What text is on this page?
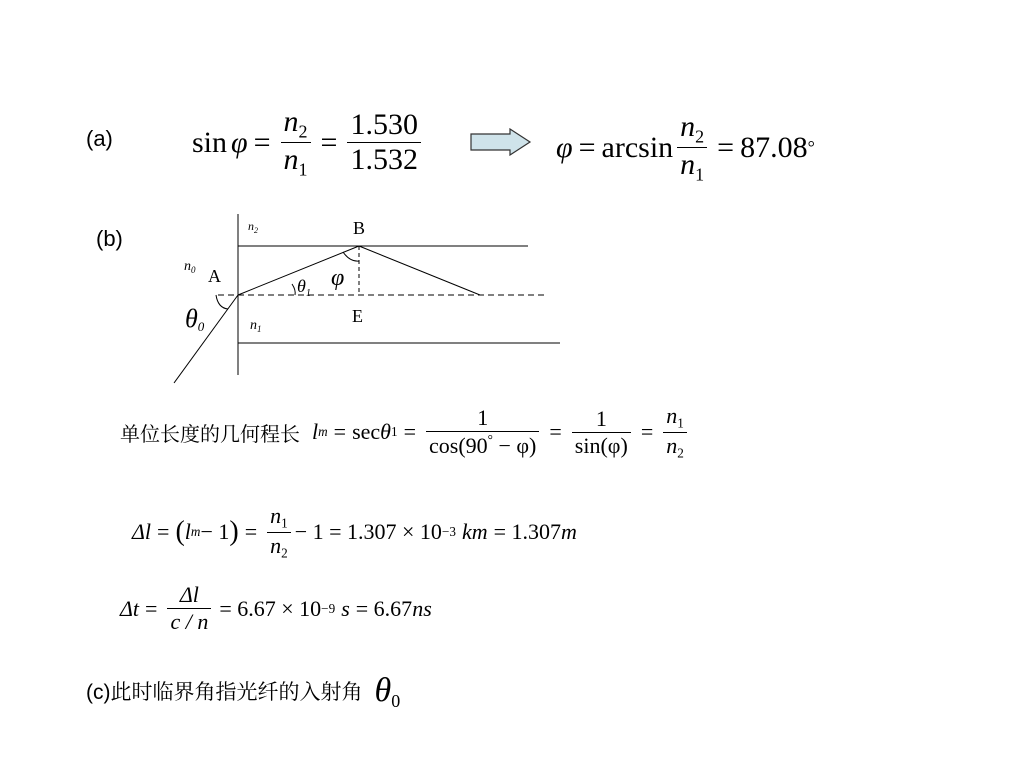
(a)	$\sin \varphi = \frac{n_2}{n_1} = \frac{1.530}{1.532}$	$\varphi = \arcsin \frac{n_2}{n_1} = 87.08$ °
(b)	$n_2$	B
$n_0$ A	φ
$\theta_1$
θ0	$n_1$
E
单位长度的几何程长 l m = sec θ $1 = \frac{1}{\cos(90^\circ - \varphi)} = \frac{1}{\sin(\varphi)} = \frac{n_1}{n_2}$
Δl = ( l m − 1 ) = $\frac{n_1}{n_2} - 1 = 1.307 \times 10 -3$ km = 1.307 m
$\Delta t = \frac{\Delta l}{c / n} = 6.67 \times 10 -9$ s = 6.67 ns
(c)此时临界角指光纤的入射角 θ 0
